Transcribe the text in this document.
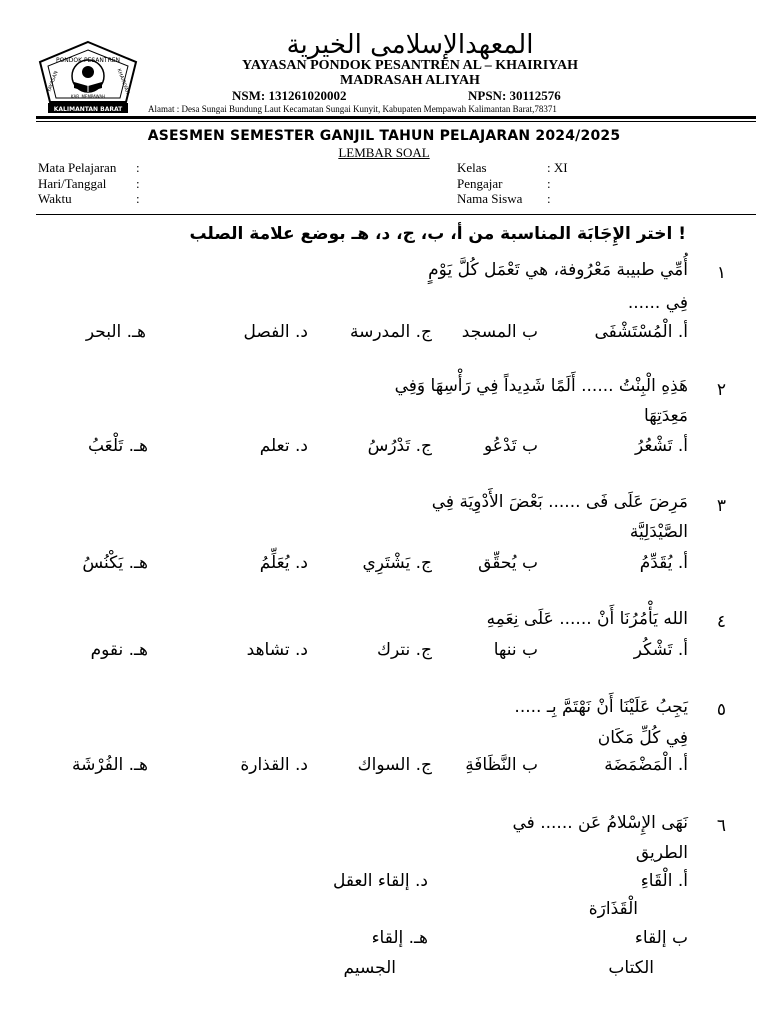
PONDOK PESANTREN
KAB. MEMPAWAH
KALIMANTAN BARAT
YAYASAN	KHAIRIYAH
المعهدالإسلامى الخيرية
YAYASAN PONDOK PESANTREN AL – KHAIRIYAH
MADRASAH ALIYAH
NSM: 131261020002	NPSN: 30112576
Alamat : Desa Sungai Bundung Laut Kecamatan Sungai Kunyit, Kabupaten Mempawah Kalimantan Barat,78371
ASESMEN SEMESTER GANJIL TAHUN PELAJARAN 2024/2025
LEMBAR SOAL
Mata Pelajaran :
Hari/Tanggal :
Waktu	:
Kelas	: XI
Pengajar	:
Nama Siswa :
! اختر الإِجَابَة المناسبة من أ، ب، ج، د، هـ بوضع علامة الصلب
١
أُمِّي طبيبة مَعْرُوفة، هي تَعْمَل كُلَّ يَوْمٍ
فِي ......
أ. الْمُسْتَشْفَى
ب المسجد
ج. المدرسة
د. الفصل
هـ. البحر
٢
هَذِهِ الْبِنْتُ ...... أَلَمًا شَدِيداً فِي رَأْسِهَا وَفِي
مَعِدَتِهَا
أ. تَشْعُرُ
ب تَدْعُو
ج. تَدْرُسُ
د. تعلم
هـ. تَلْعَبُ
٣
مَرِضَ عَلَى فَى ...... بَعْضَ الأَدْوِيَة فِي
الصَّيْدَلِيَّة
أ. يُقَدِّمُ
ب يُحقِّق
ج. يَشْتَرِي
د. يُعَلِّمُ
هـ. يَكْنُسُ
٤
الله يَأْمُرُنَا أَنْ ...... عَلَى نِعَمِهِ
أ. تَشْكُر
ب ننها
ج. نترك
د. تشاهد
هـ. نقوم
٥
يَجِبُ عَلَيْنَا أَنْ نَهْتَمَّ بِـ .....
فِي كُلِّ مَكَان
أ. الْمَضْمَضَة
ب النَّظَافَةِ
ج. السواك
د. القذارة
هـ. الفُرْشَة
٦
نَهَى الإِسْلامُ عَن ...... في
الطريق
أ. الْقَاءِ
الْقَذَارَة
د. إلقاء العقل
ب إلقاء
الكتاب
هـ. إلقاء
الجسيم
